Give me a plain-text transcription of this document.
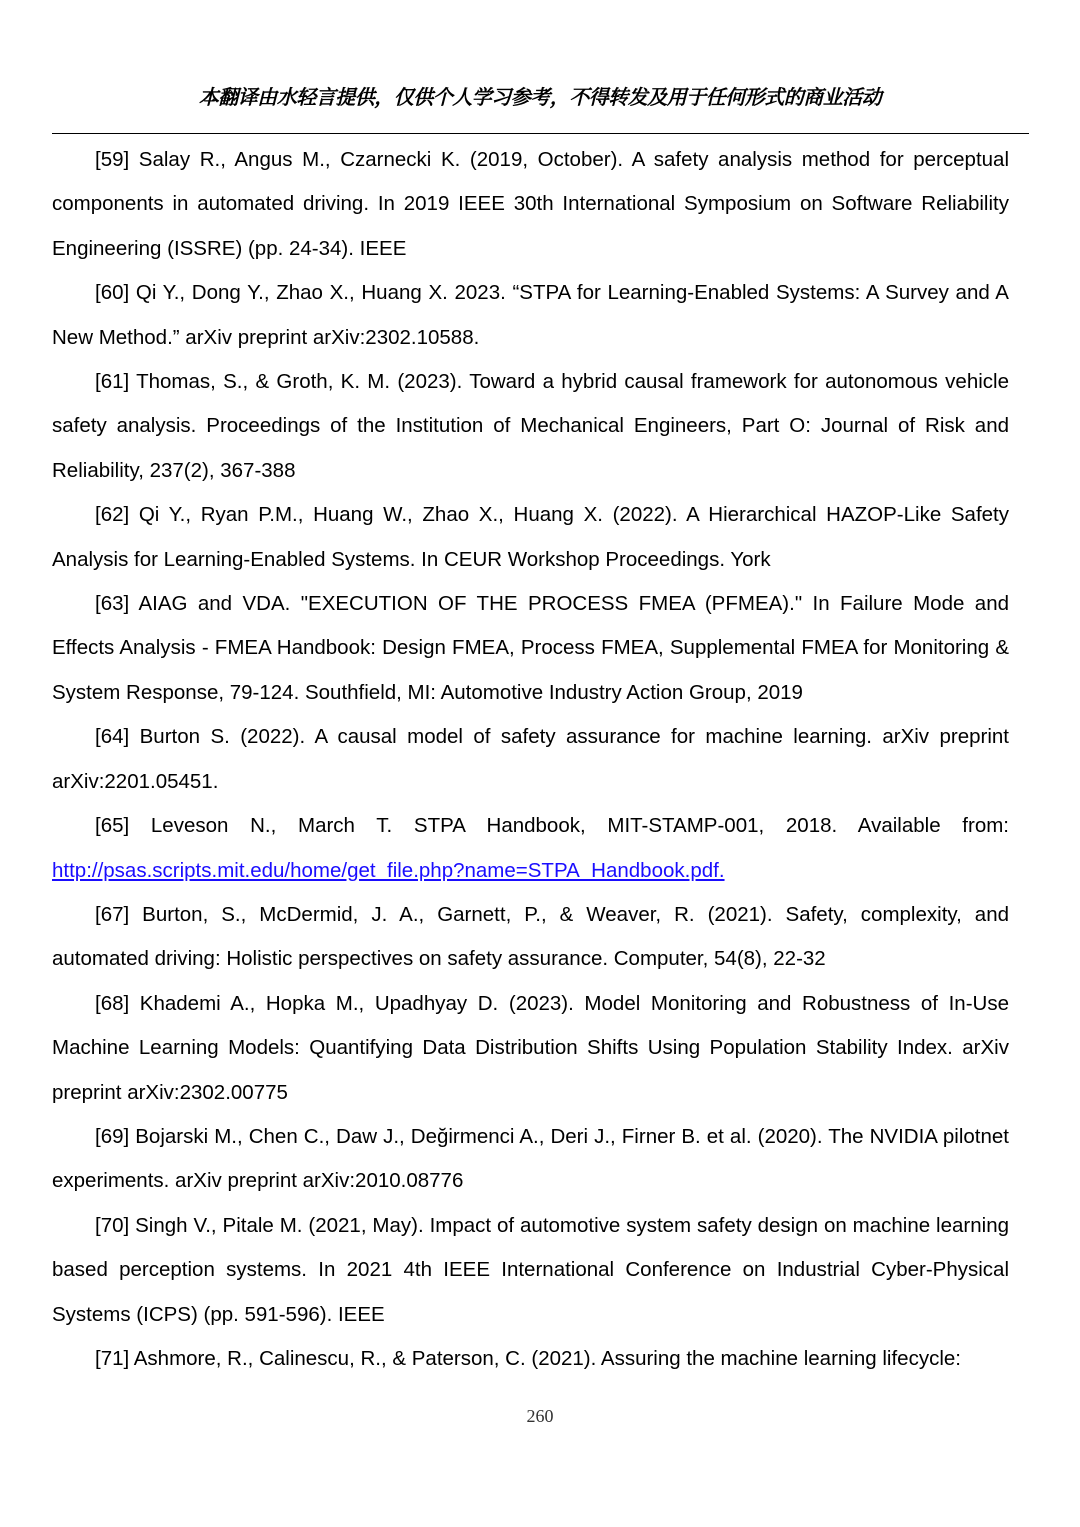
本翻译由水轻言提供，仅供个人学习参考，不得转发及用于任何形式的商业活动

[59] Salay R., Angus M., Czarnecki K. (2019, October). A safety analysis method for perceptual components in automated driving. In 2019 IEEE 30th International Symposium on Software Reliability Engineering (ISSRE) (pp. 24-34). IEEE

[60] Qi Y., Dong Y., Zhao X., Huang X. 2023. “STPA for Learning-Enabled Systems: A Survey and A New Method.” arXiv preprint arXiv:2302.10588.

[61] Thomas, S., & Groth, K. M. (2023). Toward a hybrid causal framework for autonomous vehicle safety analysis. Proceedings of the Institution of Mechanical Engineers, Part O: Journal of Risk and Reliability, 237(2), 367-388

[62] Qi Y., Ryan P.M., Huang W., Zhao X., Huang X. (2022). A Hierarchical HAZOP-Like Safety Analysis for Learning-Enabled Systems. In CEUR Workshop Proceedings. York

[63] AIAG and VDA. "EXECUTION OF THE PROCESS FMEA (PFMEA)." In Failure Mode and Effects Analysis - FMEA Handbook: Design FMEA, Process FMEA, Supplemental FMEA for Monitoring & System Response, 79-124. Southfield, MI: Automotive Industry Action Group, 2019

[64] Burton S. (2022). A causal model of safety assurance for machine learning. arXiv preprint arXiv:2201.05451.

[65] Leveson N., March T. STPA Handbook, MIT-STAMP-001, 2018. Available from: http://psas.scripts.mit.edu/home/get_file.php?name=STPA_Handbook.pdf.

[67] Burton, S., McDermid, J. A., Garnett, P., & Weaver, R. (2021). Safety, complexity, and automated driving: Holistic perspectives on safety assurance. Computer, 54(8), 22-32

[68] Khademi A., Hopka M., Upadhyay D. (2023). Model Monitoring and Robustness of In-Use Machine Learning Models: Quantifying Data Distribution Shifts Using Population Stability Index. arXiv preprint arXiv:2302.00775

[69] Bojarski M., Chen C., Daw J., Değirmenci A., Deri J., Firner B. et al. (2020). The NVIDIA pilotnet experiments. arXiv preprint arXiv:2010.08776

[70] Singh V., Pitale M. (2021, May). Impact of automotive system safety design on machine learning based perception systems. In 2021 4th IEEE International Conference on Industrial Cyber-Physical Systems (ICPS) (pp. 591-596). IEEE

[71] Ashmore, R., Calinescu, R., & Paterson, C. (2021). Assuring the machine learning lifecycle:

260
